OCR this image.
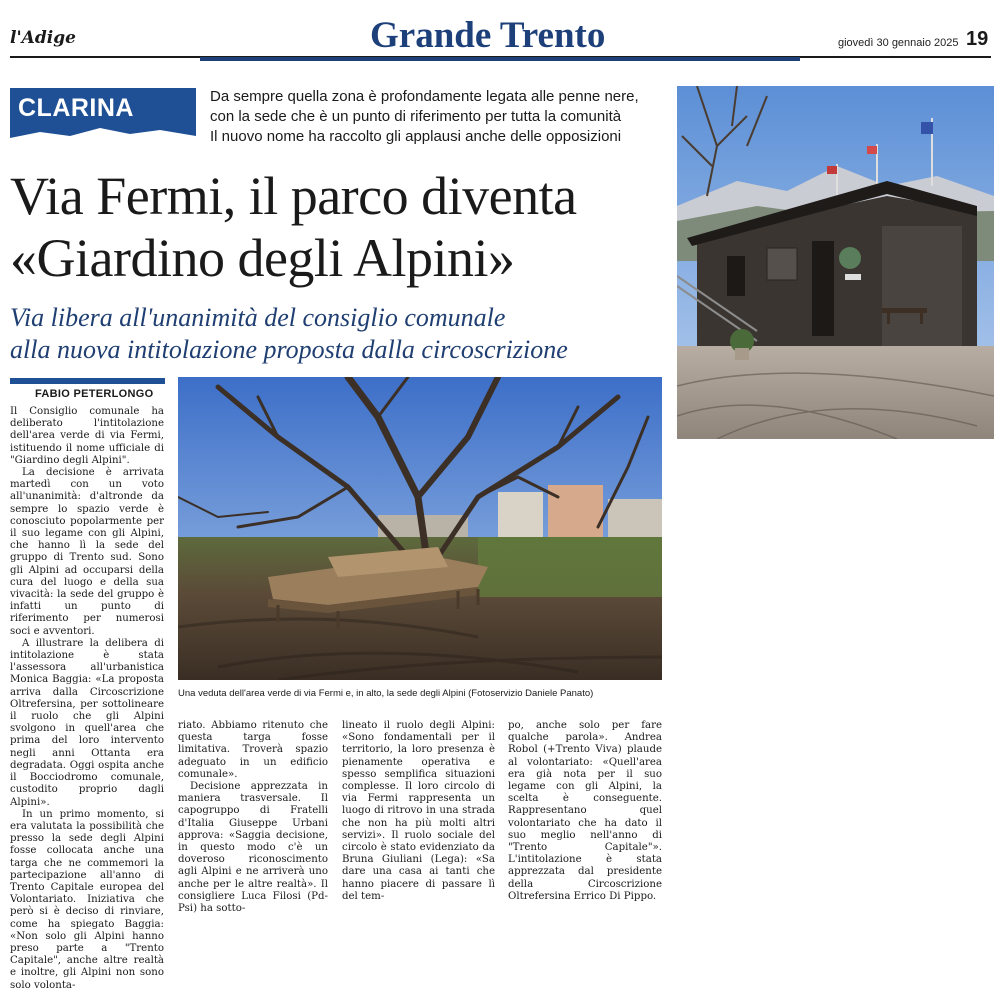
l'Adige	Grande Trento	giovedì 30 gennaio 2025 19
CLARINA	Da sempre quella zona è profondamente legata alle penne nere,
con la sede che è un punto di riferimento per tutta la comunità
Il nuovo nome ha raccolto gli applausi anche delle opposizioni
Via Fermi, il parco diventa
«Giardino degli Alpini»
Via libera all'unanimità del consiglio comunale
alla nuova intitolazione proposta dalla circoscrizione
FABIO PETERLONGO
Una veduta dell'area verde di via Fermi e, in alto, la sede degli Alpini (Fotoservizio Daniele Panato)

Il Consiglio comunale ha deliberato l'intitolazione dell'area verde di via Fermi, istituendo il nome ufficiale di "Giardino degli Alpini".

La decisione è arrivata martedì con un voto all'unanimità: d'altronde da sempre lo spazio verde è conosciuto popolarmente per il suo legame con gli Alpini, che hanno lì la sede del gruppo di Trento sud. Sono gli Alpini ad occuparsi della cura del luogo e della sua vivacità: la sede del gruppo è infatti un punto di riferimento per numerosi soci e avventori.

A illustrare la delibera di intitolazione è stata l'assessora all'urbanistica Monica Baggia: «La proposta arriva dalla Circoscrizione Oltrefersina, per sottolineare il ruolo che gli Alpini svolgono in quell'area che prima del loro intervento negli anni Ottanta era degradata. Oggi ospita anche il Bocciodromo comunale, custodito proprio dagli Alpini».

In un primo momento, si era valutata la possibilità che presso la sede degli Alpini fosse collocata anche una targa che ne commemori la partecipazione all'anno di Trento Capitale europea del Volontariato. Iniziativa che però si è deciso di rinviare, come ha spiegato Baggia: «Non solo gli Alpini hanno preso parte a "Trento Capitale", anche altre realtà e inoltre, gli Alpini non sono solo volonta-

riato. Abbiamo ritenuto che questa targa fosse limitativa. Troverà spazio adeguato in un edificio comunale».

Decisione apprezzata in maniera trasversale. Il capogruppo di Fratelli d'Italia Giuseppe Urbani approva: «Saggia decisione, in questo modo c'è un doveroso riconoscimento agli Alpini e ne arriverà uno anche per le altre realtà». Il consigliere Luca Filosi (Pd-Psi) ha sotto-

lineato il ruolo degli Alpini: «Sono fondamentali per il territorio, la loro presenza è pienamente operativa e spesso semplifica situazioni complesse. Il loro circolo di via Fermi rappresenta un luogo di ritrovo in una strada che non ha più molti altri servizi». Il ruolo sociale del circolo è stato evidenziato da Bruna Giuliani (Lega): «Sa dare una casa ai tanti che hanno piacere di passare lì del tem-

po, anche solo per fare qualche parola». Andrea Robol (+Trento Viva) plaude al volontariato: «Quell'area era già nota per il suo legame con gli Alpini, la scelta è conseguente. Rappresentano quel volontariato che ha dato il suo meglio nell'anno di "Trento Capitale"». L'intitolazione è stata apprezzata dal presidente della Circoscrizione Oltrefersina Errico Di Pippo.
